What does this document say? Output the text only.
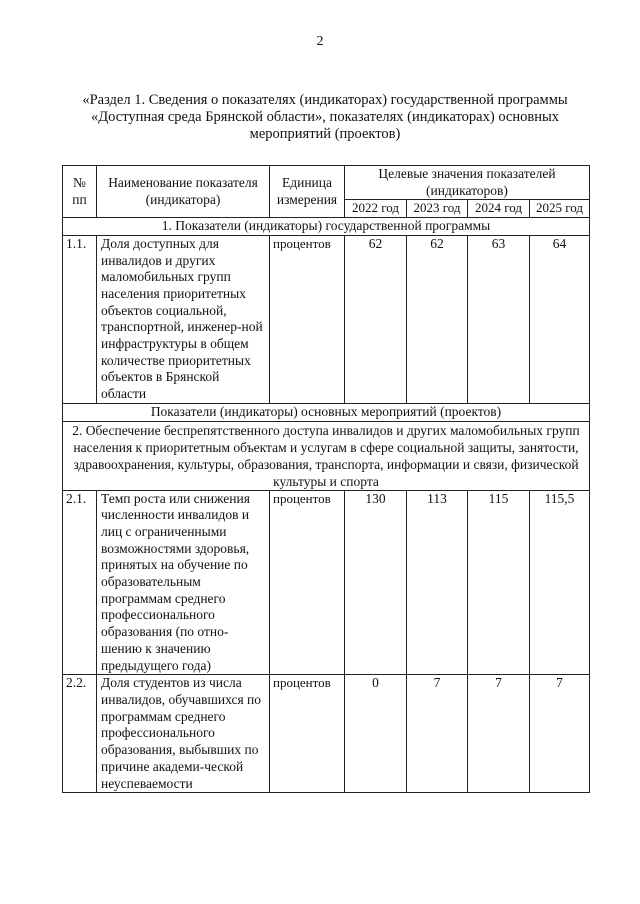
2
«Раздел 1. Сведения о показателях (индикаторах) государственной программы
«Доступная среда Брянской области», показателях (индикаторах) основных
мероприятий (проектов)
№ пп	Наименование показателя (индикатора)	Единица измерения	Целевые значения показателей (индикаторов)			
			2022 год	2023 год	2024 год	2025 год
1. Показатели (индикаторы) государственной программы						
1.1.	Доля доступных для инвалидов и других маломобильных групп населения приоритетных объектов социальной, транспортной, инженер-ной инфраструктуры в общем количестве приоритетных объектов в Брянской области	процентов	62	62	63	64
Показатели (индикаторы) основных мероприятий (проектов)						
2. Обеспечение беспрепятственного доступа инвалидов и других маломобильных групп населения к приоритетным объектам и услугам в сфере социальной защиты, занятости, здравоохранения, культуры, образования, транспорта, информации и связи, физической культуры и спорта						
2.1.	Темп роста или снижения численности инвалидов и лиц с ограниченными возможностями здоровья, принятых на обучение по образовательным программам среднего профессионального образования (по отно-шению к значению предыдущего года)	процентов	130	113	115	115,5
2.2.	Доля студентов из числа инвалидов, обучавшихся по программам среднего профессионального образования, выбывших по причине академи-ческой неуспеваемости	процентов	0	7	7	7
